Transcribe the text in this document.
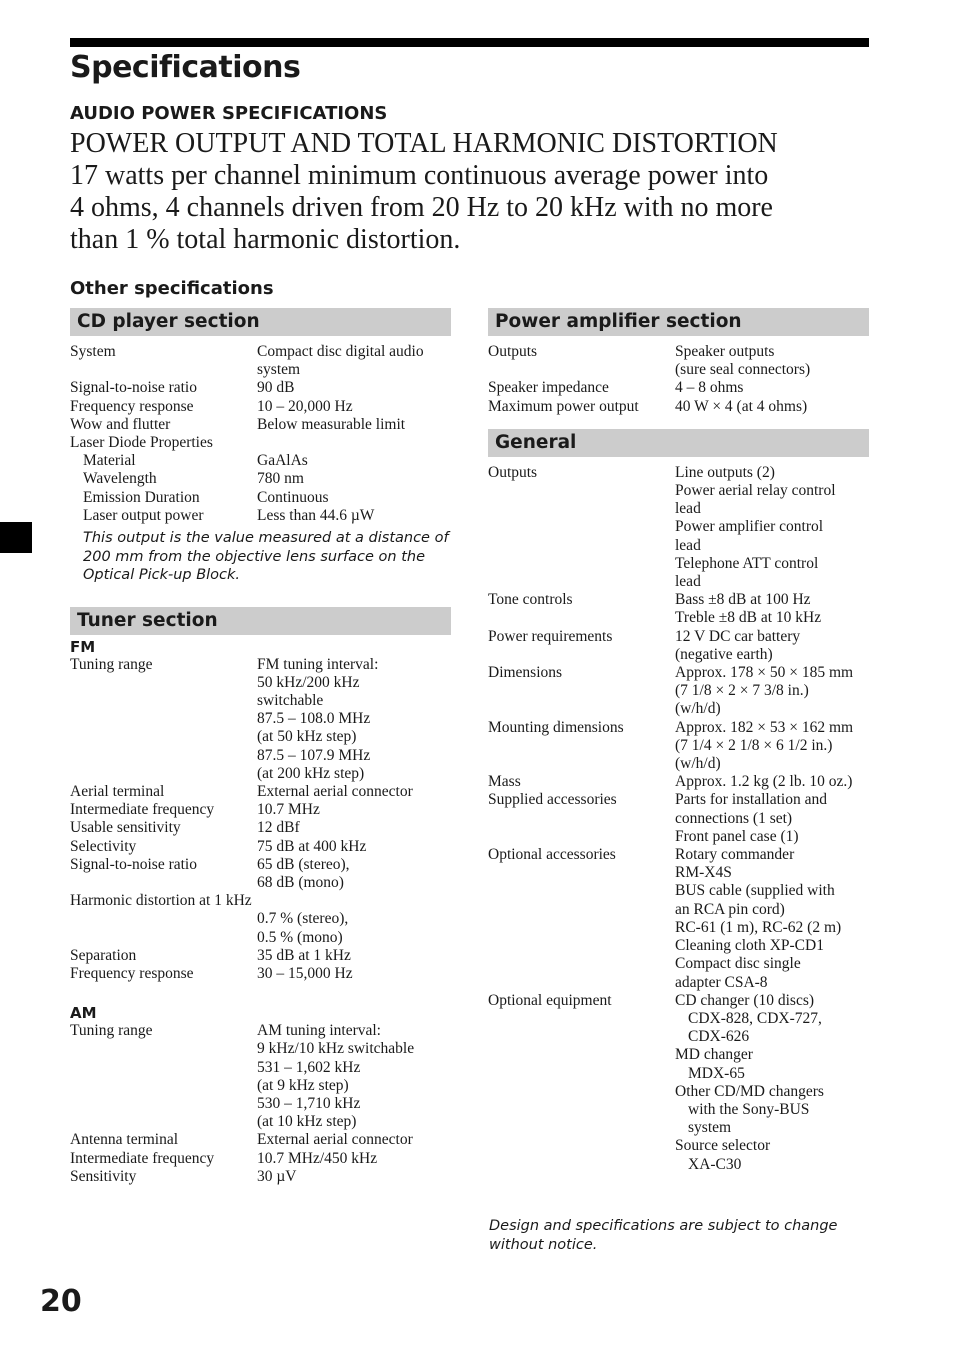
Specifications
AUDIO POWER SPECIFICATIONS
POWER OUTPUT AND TOTAL HARMONIC DISTORTION
17 watts per channel minimum continuous average power into
4 ohms, 4 channels driven from 20 Hz to 20 kHz with no more
than 1 % total harmonic distortion.
Other specifications
CD player section
System	Compact disc digital audio
system
Signal-to-noise ratio	90 dB
Frequency response	10 – 20,000 Hz
Wow and flutter	Below measurable limit
Laser Diode Properties
Material	GaAlAs
Wavelength	780 nm
Emission Duration	Continuous
Laser output power	Less than 44.6 µW
This output is the value measured at a distance of 200 mm from the objective lens surface on the Optical Pick-up Block.
Tuner section
FM
Tuning range	FM tuning interval:
50 kHz/200 kHz
switchable
87.5 – 108.0 MHz
(at 50 kHz step)
87.5 – 107.9 MHz
(at 200 kHz step)
Aerial terminal	External aerial connector
Intermediate frequency	10.7 MHz
Usable sensitivity	12 dBf
Selectivity	75 dB at 400 kHz
Signal-to-noise ratio	65 dB (stereo),
68 dB (mono)
Harmonic distortion at 1 kHz
0.7 % (stereo),
0.5 % (mono)
Separation	35 dB at 1 kHz
Frequency response	30 – 15,000 Hz
AM
Tuning range	AM tuning interval:
9 kHz/10 kHz switchable
531 – 1,602 kHz
(at 9 kHz step)
530 – 1,710 kHz
(at 10 kHz step)
Antenna terminal	External aerial connector
Intermediate frequency	10.7 MHz/450 kHz
Sensitivity	30 µV
Power amplifier section
Outputs	Speaker outputs
(sure seal connectors)
Speaker impedance	4 – 8 ohms
Maximum power output	40 W × 4 (at 4 ohms)
General
Outputs	Line outputs (2)
Power aerial relay control
lead
Power amplifier control
lead
Telephone ATT control
lead
Tone controls	Bass ±8 dB at 100 Hz
Treble ±8 dB at 10 kHz
Power requirements	12 V DC car battery
(negative earth)
Dimensions	Approx. 178 × 50 × 185 mm
(7 1/8 × 2 × 7 3/8 in.)
(w/h/d)
Mounting dimensions	Approx. 182 × 53 × 162 mm
(7 1/4 × 2 1/8 × 6 1/2 in.)
(w/h/d)
Mass	Approx. 1.2 kg (2 lb. 10 oz.)
Supplied accessories	Parts for installation and
connections (1 set)
Front panel case (1)
Optional accessories	Rotary commander
RM-X4S
BUS cable (supplied with
an RCA pin cord)
RC-61 (1 m), RC-62 (2 m)
Cleaning cloth XP-CD1
Compact disc single
adapter CSA-8
Optional equipment	CD changer (10 discs)
CDX-828, CDX-727,
CDX-626
MD changer
MDX-65
Other CD/MD changers
with the Sony-BUS
system
Source selector
XA-C30
Design and specifications are subject to change without notice.
20
